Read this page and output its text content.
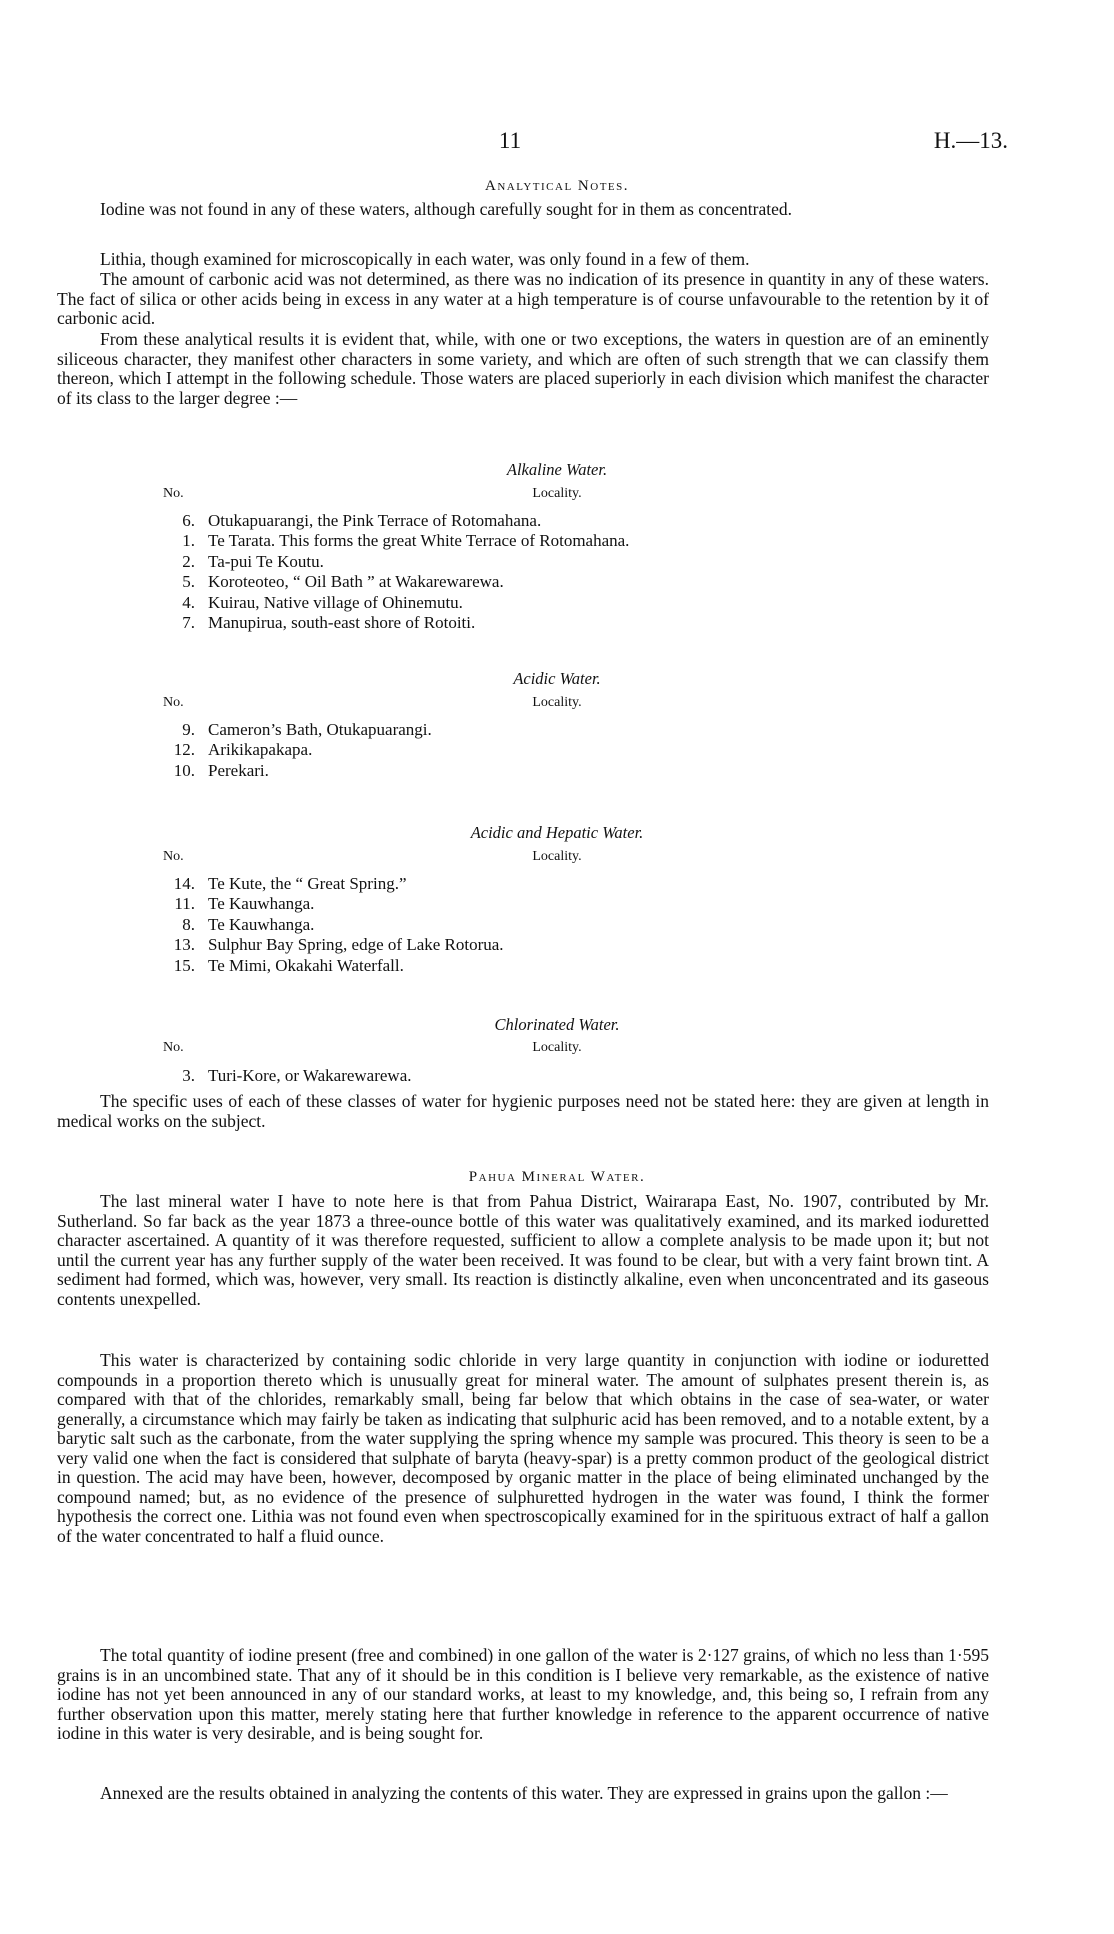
11	H.—13.
Analytical Notes.

Iodine was not found in any of these waters, although carefully sought for in them as concentrated.

Lithia, though examined for microscopically in each water, was only found in a few of them.

The amount of carbonic acid was not determined, as there was no indication of its presence in quantity in any of these waters. The fact of silica or other acids being in excess in any water at a high temperature is of course unfavourable to the retention by it of carbonic acid.

From these analytical results it is evident that, while, with one or two exceptions, the waters in question are of an eminently siliceous character, they manifest other characters in some variety, and which are often of such strength that we can classify them thereon, which I attempt in the following schedule. Those waters are placed superiorly in each division which manifest the character of its class to the larger degree :—

Alkaline Water.
No.	Locality.
6. Otukapuarangi, the Pink Terrace of Rotomahana.
1. Te Tarata. This forms the great White Terrace of Rotomahana.
2. Ta-pui Te Koutu.
5. Koroteoteo, “ Oil Bath ” at Wakarewarewa.
4. Kuirau, Native village of Ohinemutu.
7. Manupirua, south-east shore of Rotoiti.
Acidic Water.
No.	Locality.
9. Cameron’s Bath, Otukapuarangi.
12. Arikikapakapa.
10. Perekari.
Acidic and Hepatic Water.
No.	Locality.
14. Te Kute, the “ Great Spring.”
11. Te Kauwhanga.
8. Te Kauwhanga.
13. Sulphur Bay Spring, edge of Lake Rotorua.
15. Te Mimi, Okakahi Waterfall.
Chlorinated Water.
No.	Locality.
3. Turi-Kore, or Wakarewarewa.

The specific uses of each of these classes of water for hygienic purposes need not be stated here: they are given at length in medical works on the subject.

Pahua Mineral Water.

The last mineral water I have to note here is that from Pahua District, Wairarapa East, No. 1907, contributed by Mr. Sutherland. So far back as the year 1873 a three-ounce bottle of this water was qualitatively examined, and its marked ioduretted character ascertained. A quantity of it was therefore requested, sufficient to allow a complete analysis to be made upon it; but not until the current year has any further supply of the water been received. It was found to be clear, but with a very faint brown tint. A sediment had formed, which was, however, very small. Its reaction is distinctly alkaline, even when unconcentrated and its gaseous contents unexpelled.

This water is characterized by containing sodic chloride in very large quantity in conjunction with iodine or ioduretted compounds in a proportion thereto which is unusually great for mineral water. The amount of sulphates present therein is, as compared with that of the chlorides, remarkably small, being far below that which obtains in the case of sea-water, or water generally, a circumstance which may fairly be taken as indicating that sulphuric acid has been removed, and to a notable extent, by a barytic salt such as the carbonate, from the water supplying the spring whence my sample was procured. This theory is seen to be a very valid one when the fact is considered that sulphate of baryta (heavy-spar) is a pretty common product of the geological district in question. The acid may have been, however, decomposed by organic matter in the place of being eliminated unchanged by the compound named; but, as no evidence of the presence of sulphuretted hydrogen in the water was found, I think the former hypothesis the correct one. Lithia was not found even when spectroscopically examined for in the spirituous extract of half a gallon of the water concentrated to half a fluid ounce.

The total quantity of iodine present (free and combined) in one gallon of the water is 2·127 grains, of which no less than 1·595 grains is in an uncombined state. That any of it should be in this condition is I believe very remarkable, as the existence of native iodine has not yet been announced in any of our standard works, at least to my knowledge, and, this being so, I refrain from any further observation upon this matter, merely stating here that further knowledge in reference to the apparent occurrence of native iodine in this water is very desirable, and is being sought for.

Annexed are the results obtained in analyzing the contents of this water. They are expressed in grains upon the gallon :—
